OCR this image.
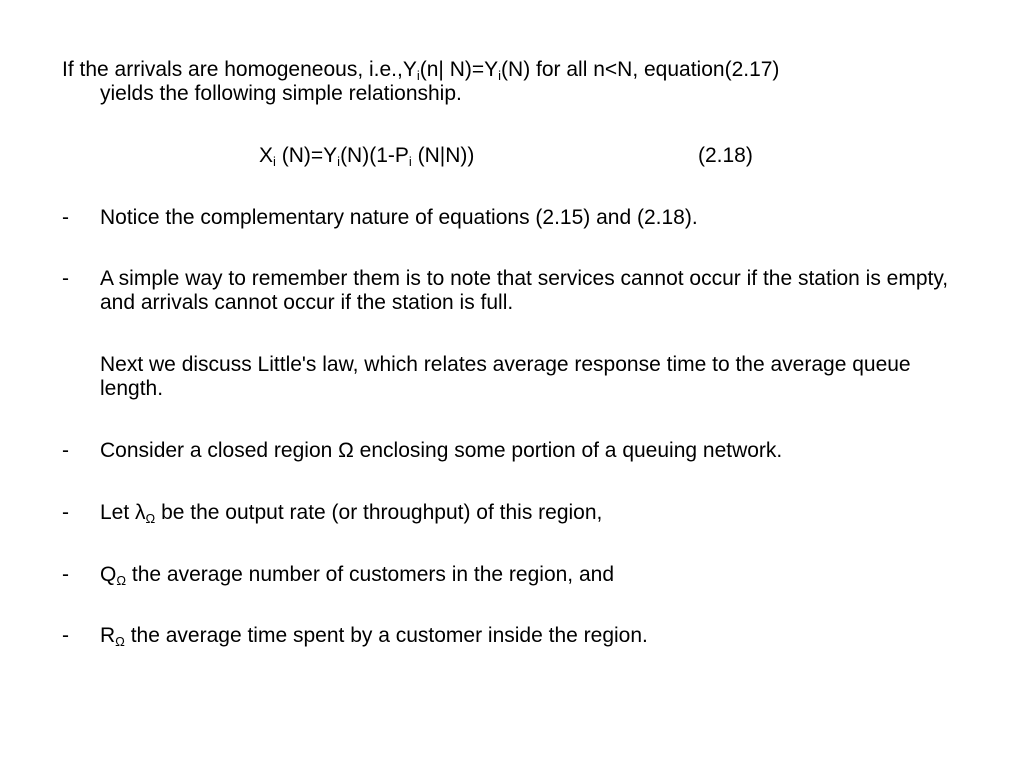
If the arrivals are homogeneous, $i.e.,Y_i(n|$ $N)=Y_i(N)$ for all n<N, equation(2.17)
yields the following simple relationship.
$X_i$ $(N)=Y_i(N)(1-P_i$ (N|N))	(2.18)
- Notice the complementary nature of equations (2.15) and (2.18).
- A simple way to remember them is to note that services cannot occur if the station is empty, and arrivals cannot occur if the station is full.
Next we discuss Little's law, which relates average response time to the average queue length.
- Consider a closed region Ω enclosing some portion of a queuing network.
- Let $\lambda_\Omega$ be the output rate (or throughput) of this region,
- $Q_\Omega$ the average number of customers in the region, and
- $R_\Omega$ the average time spent by a customer inside the region.
